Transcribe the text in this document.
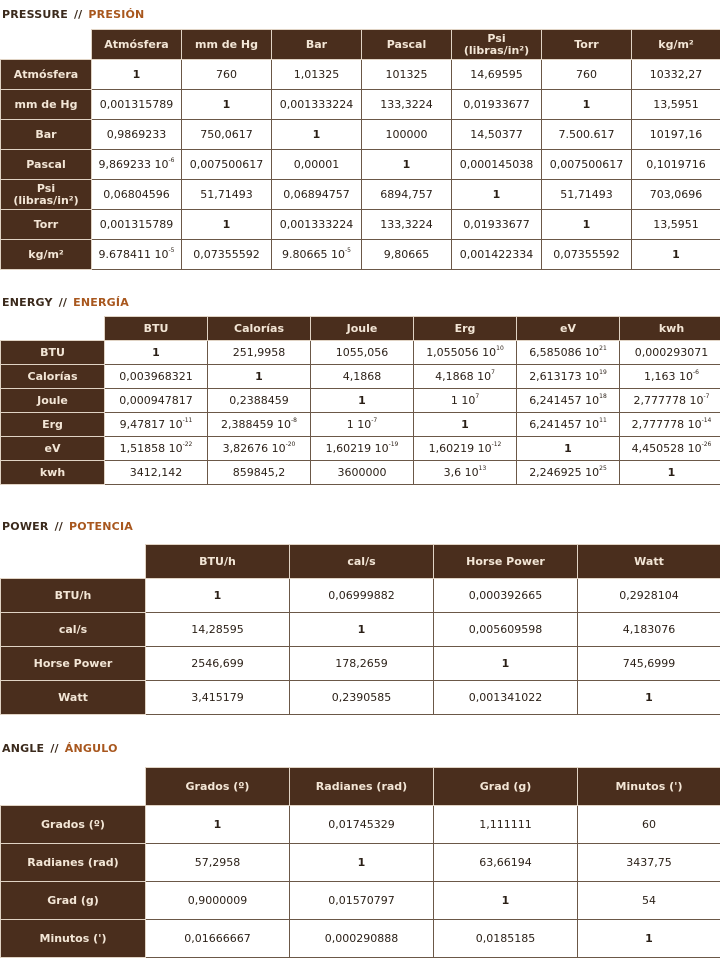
PRESSURE // PRESIÓN
	Atmósfera	mm de Hg	Bar	Pascal	Psi
(libras/in²)	Torr	kg/m²
Atmósfera	1	760	1,01325	101325	14,69595	760	10332,27
mm de Hg	0,001315789	1	0,001333224	133,3224	0,01933677	1	13,5951
Bar	0,9869233	750,0617	1	100000	14,50377	7.500.617	10197,16
Pascal	9,869233 $10^{-6}$	0,007500617	0,00001	1	0,000145038	0,007500617	0,1019716
Psi
(libras/in²)	0,06804596	51,71493	0,06894757	6894,757	1	51,71493	703,0696
Torr	0,001315789	1	0,001333224	133,3224	0,01933677	1	13,5951
kg/m²	9.678411 $10^{-5}$	0,07355592	9.80665 $10^{-5}$	9,80665	0,001422334	0,07355592	1
ENERGY // ENERGÍA
	BTU	Calorías	Joule	Erg	eV	kwh
BTU	1	251,9958	1055,056	1,055056 $10^{10}$	6,585086 $10^{21}$	0,000293071
Calorías	0,003968321	1	4,1868	4,1868 $10^7$	2,613173 $10^{19}$	1,163 $10^{-6}$
Joule	0,000947817	0,2388459	1	1 $10^7$	6,241457 $10^{18}$	2,777778 $10^{-7}$
Erg	9,47817 $10^{-11}$	2,388459 $10^{-8}$	1 $10^{-7}$	1	6,241457 $10^{11}$	2,777778 $10^{-14}$
eV	1,51858 $10^{-22}$	3,82676 $10^{-20}$	1,60219 $10^{-19}$	1,60219 $10^{-12}$	1	4,450528 $10^{-26}$
kwh	3412,142	859845,2	3600000	3,6 $10^{13}$	2,246925 $10^{25}$	1
POWER // POTENCIA
	BTU/h	cal/s	Horse Power	Watt
BTU/h	1	0,06999882	0,000392665	0,2928104
cal/s	14,28595	1	0,005609598	4,183076
Horse Power	2546,699	178,2659	1	745,6999
Watt	3,415179	0,2390585	0,001341022	1
ANGLE // ÁNGULO
	Grados (º)	Radianes (rad)	Grad (g)	Minutos (')
Grados (º)	1	0,01745329	1,111111	60
Radianes (rad)	57,2958	1	63,66194	3437,75
Grad (g)	0,9000009	0,01570797	1	54
Minutos (')	0,01666667	0,000290888	0,0185185	1
